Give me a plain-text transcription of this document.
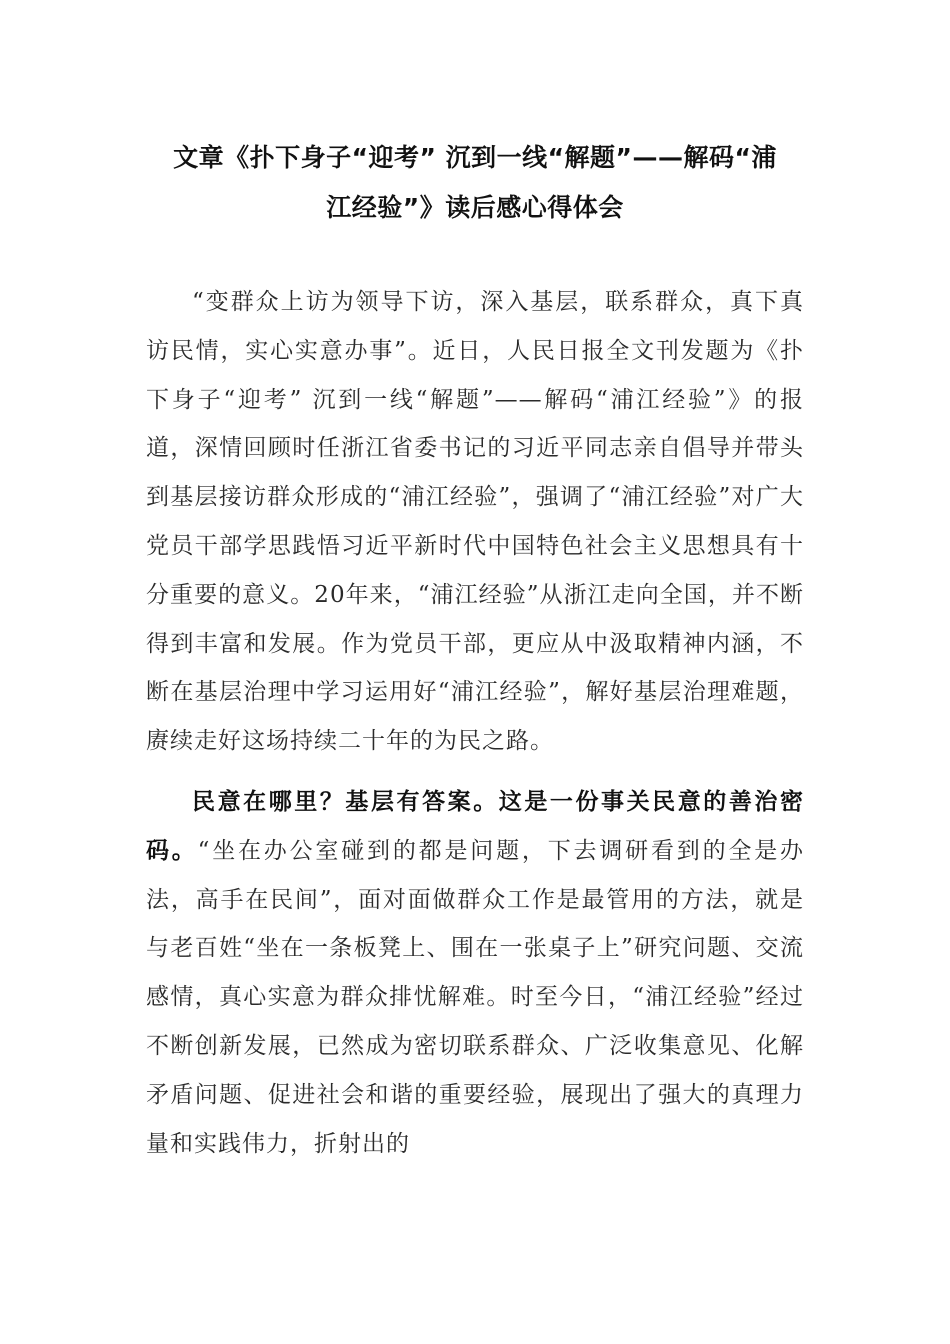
文章《扑下身子“迎考” 沉到一线“解题”——解码“浦
江经验”》读后感心得体会

“变群众上访为领导下访，深入基层，联系群众，真下真访民情，实心实意办事”。近日，人民日报全文刊发题为《扑下身子“迎考” 沉到一线“解题”——解码“浦江经验”》的报道，深情回顾时任浙江省委书记的习近平同志亲自倡导并带头到基层接访群众形成的“浦江经验”，强调了“浦江经验”对广大党员干部学思践悟习近平新时代中国特色社会主义思想具有十分重要的意义。20年来，“浦江经验”从浙江走向全国，并不断得到丰富和发展。作为党员干部，更应从中汲取精神内涵，不断在基层治理中学习运用好“浦江经验”，解好基层治理难题，赓续走好这场持续二十年的为民之路。

民意在哪里？基层有答案。这是一份事关民意的善治密码。“坐在办公室碰到的都是问题，下去调研看到的全是办法，高手在民间”，面对面做群众工作是最管用的方法，就是与老百姓“坐在一条板凳上、围在一张桌子上”研究问题、交流感情，真心实意为群众排忧解难。时至今日，“浦江经验”经过不断创新发展，已然成为密切联系群众、广泛收集意见、化解矛盾问题、促进社会和谐的重要经验，展现出了强大的真理力量和实践伟力，折射出的
